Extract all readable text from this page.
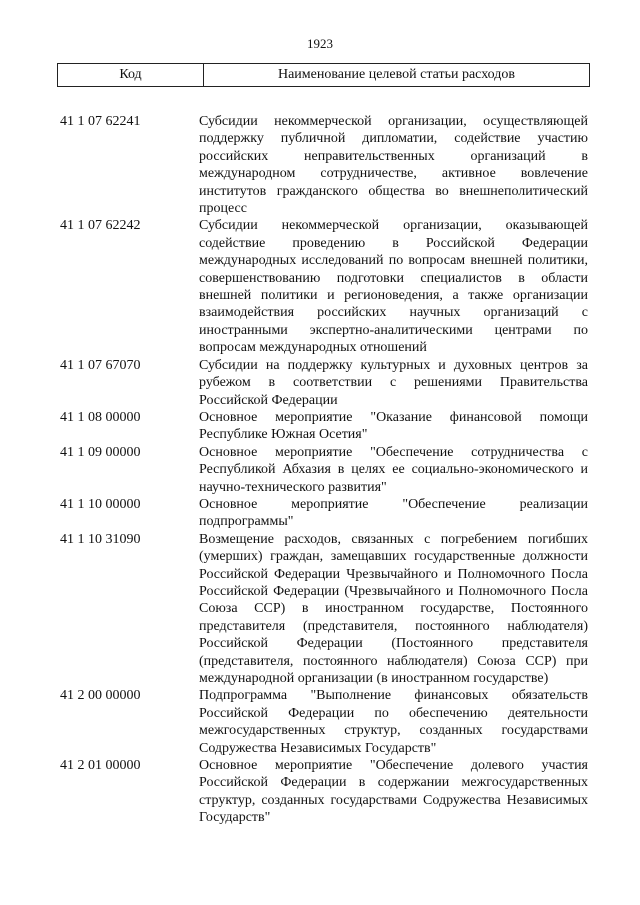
1923
Код	Наименование целевой статьи расходов
41 1 07 62241	Субсидии некоммерческой организации, осуществляющей поддержку публичной дипломатии, содействие участию российских неправительственных организаций в международном сотрудничестве, активное вовлечение институтов гражданского общества во внешнеполитический процесс
41 1 07 62242	Субсидии некоммерческой организации, оказывающей содействие проведению в Российской Федерации международных исследований по вопросам внешней политики, совершенствованию подготовки специалистов в области внешней политики и регионоведения, а также организации взаимодействия российских научных организаций с иностранными экспертно-аналитическими центрами по вопросам международных отношений
41 1 07 67070	Субсидии на поддержку культурных и духовных центров за рубежом в соответствии с решениями Правительства Российской Федерации
41 1 08 00000	Основное мероприятие "Оказание финансовой помощи Республике Южная Осетия"
41 1 09 00000	Основное мероприятие "Обеспечение сотрудничества с Республикой Абхазия в целях ее социально-экономического и научно-технического развития"
41 1 10 00000	Основное мероприятие "Обеспечение реализации подпрограммы"
41 1 10 31090	Возмещение расходов, связанных с погребением погибших (умерших) граждан, замещавших государственные должности Российской Федерации Чрезвычайного и Полномочного Посла Российской Федерации (Чрезвычайного и Полномочного Посла Союза ССР) в иностранном государстве, Постоянного представителя (представителя, постоянного наблюдателя) Российской Федерации (Постоянного представителя (представителя, постоянного наблюдателя) Союза ССР) при международной организации (в иностранном государстве)
41 2 00 00000	Подпрограмма "Выполнение финансовых обязательств Российской Федерации по обеспечению деятельности межгосударственных структур, созданных государствами Содружества Независимых Государств"
41 2 01 00000	Основное мероприятие "Обеспечение долевого участия Российской Федерации в содержании межгосударственных структур, созданных государствами Содружества Независимых Государств"
